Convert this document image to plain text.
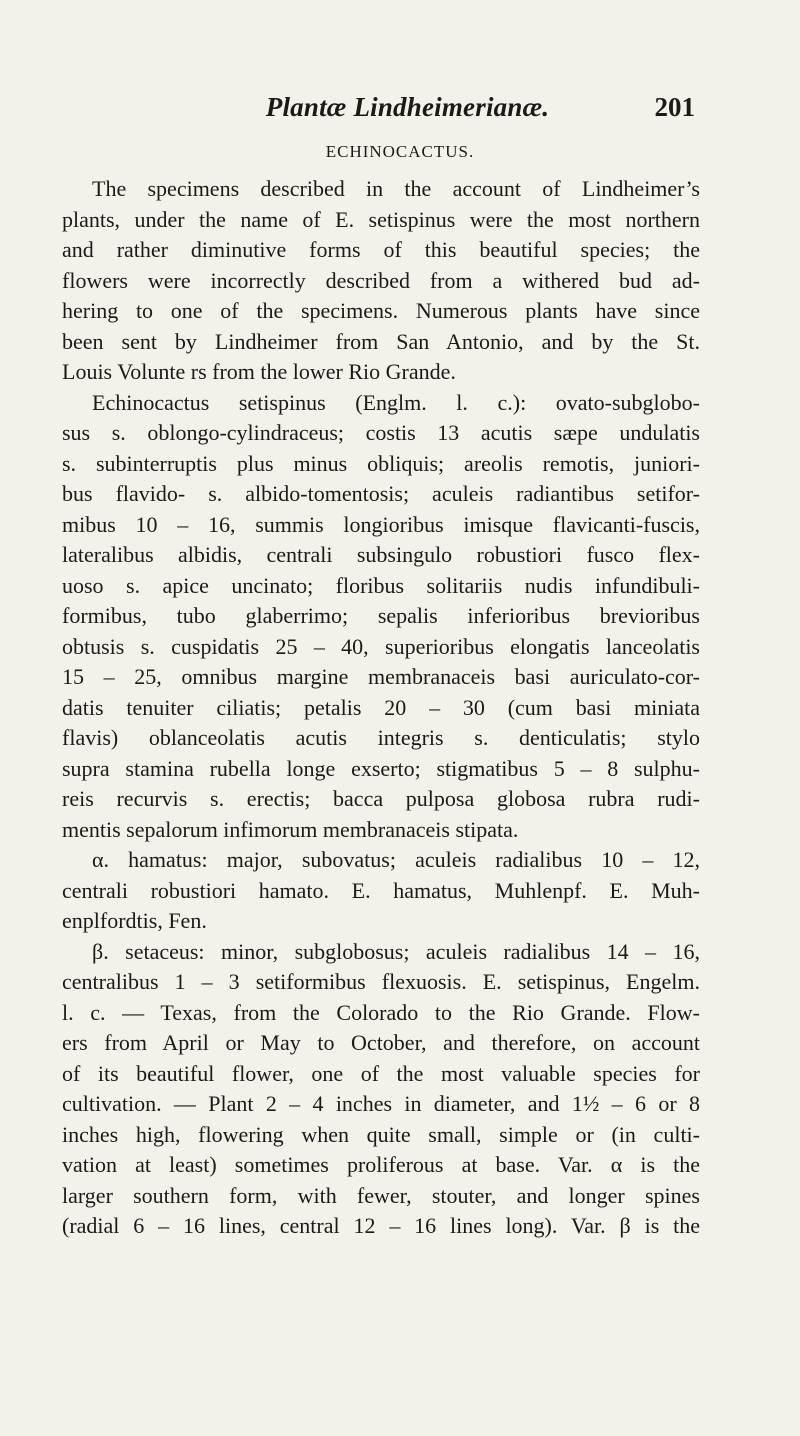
Plantæ Lindheimerianæ.	201
ECHINOCACTUS.
The specimens described in the account of Lindheimer’s
plants, under the name of E. setispinus were the most northern
and rather diminutive forms of this beautiful species; the
flowers were incorrectly described from a withered bud ad-
hering to one of the specimens. Numerous plants have since
been sent by Lindheimer from San Antonio, and by the St.
Louis Volunte rs from the lower Rio Grande.
Echinocactus setispinus (Englm. l. c.): ovato-subglobo-
sus s. oblongo-cylindraceus; costis 13 acutis sæpe undulatis
s. subinterruptis plus minus obliquis; areolis remotis, juniori-
bus flavido- s. albido-tomentosis; aculeis radiantibus setifor-
mibus 10 – 16, summis longioribus imisque flavicanti-fuscis,
lateralibus albidis, centrali subsingulo robustiori fusco flex-
uoso s. apice uncinato; floribus solitariis nudis infundibuli-
formibus, tubo glaberrimo; sepalis inferioribus brevioribus
obtusis s. cuspidatis 25 – 40, superioribus elongatis lanceolatis
15 – 25, omnibus margine membranaceis basi auriculato-cor-
datis tenuiter ciliatis; petalis 20 – 30 (cum basi miniata
flavis) oblanceolatis acutis integris s. denticulatis; stylo
supra stamina rubella longe exserto; stigmatibus 5 – 8 sulphu-
reis recurvis s. erectis; bacca pulposa globosa rubra rudi-
mentis sepalorum infimorum membranaceis stipata.
α. hamatus: major, subovatus; aculeis radialibus 10 – 12,
centrali robustiori hamato. E. hamatus, Muhlenpf. E. Muh-
enplfordtis, Fen.
β. setaceus: minor, subglobosus; aculeis radialibus 14 – 16,
centralibus 1 – 3 setiformibus flexuosis. E. setispinus, Engelm.
l. c. — Texas, from the Colorado to the Rio Grande. Flow-
ers from April or May to October, and therefore, on account
of its beautiful flower, one of the most valuable species for
cultivation. — Plant 2 – 4 inches in diameter, and 1½ – 6 or 8
inches high, flowering when quite small, simple or (in culti-
vation at least) sometimes proliferous at base. Var. α is the
larger southern form, with fewer, stouter, and longer spines
(radial 6 – 16 lines, central 12 – 16 lines long). Var. β is the
